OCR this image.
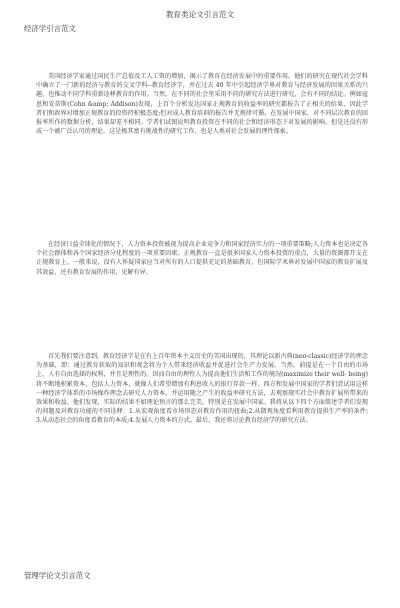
教育类论文引言范文
经济学引言范文

美国经济学家通过国民生产总值及工人工资的增加，揭示了教育在经济发展中的重要作用。他们的研究在现代社会学科中确立了一门新的经济与教育的交叉学科--教育经济学，并在过去 40 年中引起经济学界对教育与经济发展的因果关系的兴趣，也推动不同学科重新诠释教育的作用。当然，在不同的社会里采用不同的研究方法进行研究，会有不同的结论。例如寇恩和安蒂斯(Cohn &amp; Addison)发现，上百个分析发达国家正规教育的收益率的研究都报告了正相关的结果，因此学者们和政界对增加正规教育的投资持积极态度;但对成人教育培训的报告并无规律可循。在发展中国家，对不同层次教育的回报率所作的数据分析，结果却差不相同。学者们试图说明教育投资在不同的社会和经济形态下对发展的影响，但是还没有形成一个被广泛认可的理论。这是极其富有挑战性的研究工作，也是人类对社会发展的理性探索。

在经济日益全球化的情况下，人力资本投资被视为提高企业竞争力和国家经济实力的一项重要策略;人力资本也是决定各个社会群体和各个国家经济分化程度的一项重要因素。正规教育一直是很多国家人力资本投资的重点，大量的资源都开支在正规教育上。一般来说，没有人怀疑国家应当对所有的人口提供充足的基础教育，但国际学术界对发展中国家的教育扩展及其效益，还有教育发展的作用，见解有异。

首先我们要注意到，教育经济学是在有上百年资本主义历史的美国出现的，其理论以新古典(neo-classic)经济学的理念为基础，即：通过教育获取的知识和观念将为个人带来经济收益并促进社会生产力发展。当然，前提是在一个自由的市场上，人有自由选择的权利，并且是理性的。因而自由的理性人为提高他们生活和工作的境况(maximize their well- being)将不断地积累资本，包括人力资本，就像人们希望增加有利息收入的银行存款一样。西方和发展中国家的学者们尝试用这样一种经济学体系的市场操作理念去研究人力资本，并运用随之产生的收益率研究方法，去观察现实社会中教育扩展所带来的效果和收益。他们发现，实际的结果不如理论预言的那么完美，特别是在发展中国家。我将从以下四个方面简述学者们发现的问题及对教育功能的不同诠释：1.从宏观角度看市场形态对教育作用的扭曲;2.从微观角度看利用教育提供生产率的条件;3.从动态社会的角度看教育的本质;4.发展人力资本的方式。最后，我还将讨论教育经济学的研究方法。

管理学论文引言范文
